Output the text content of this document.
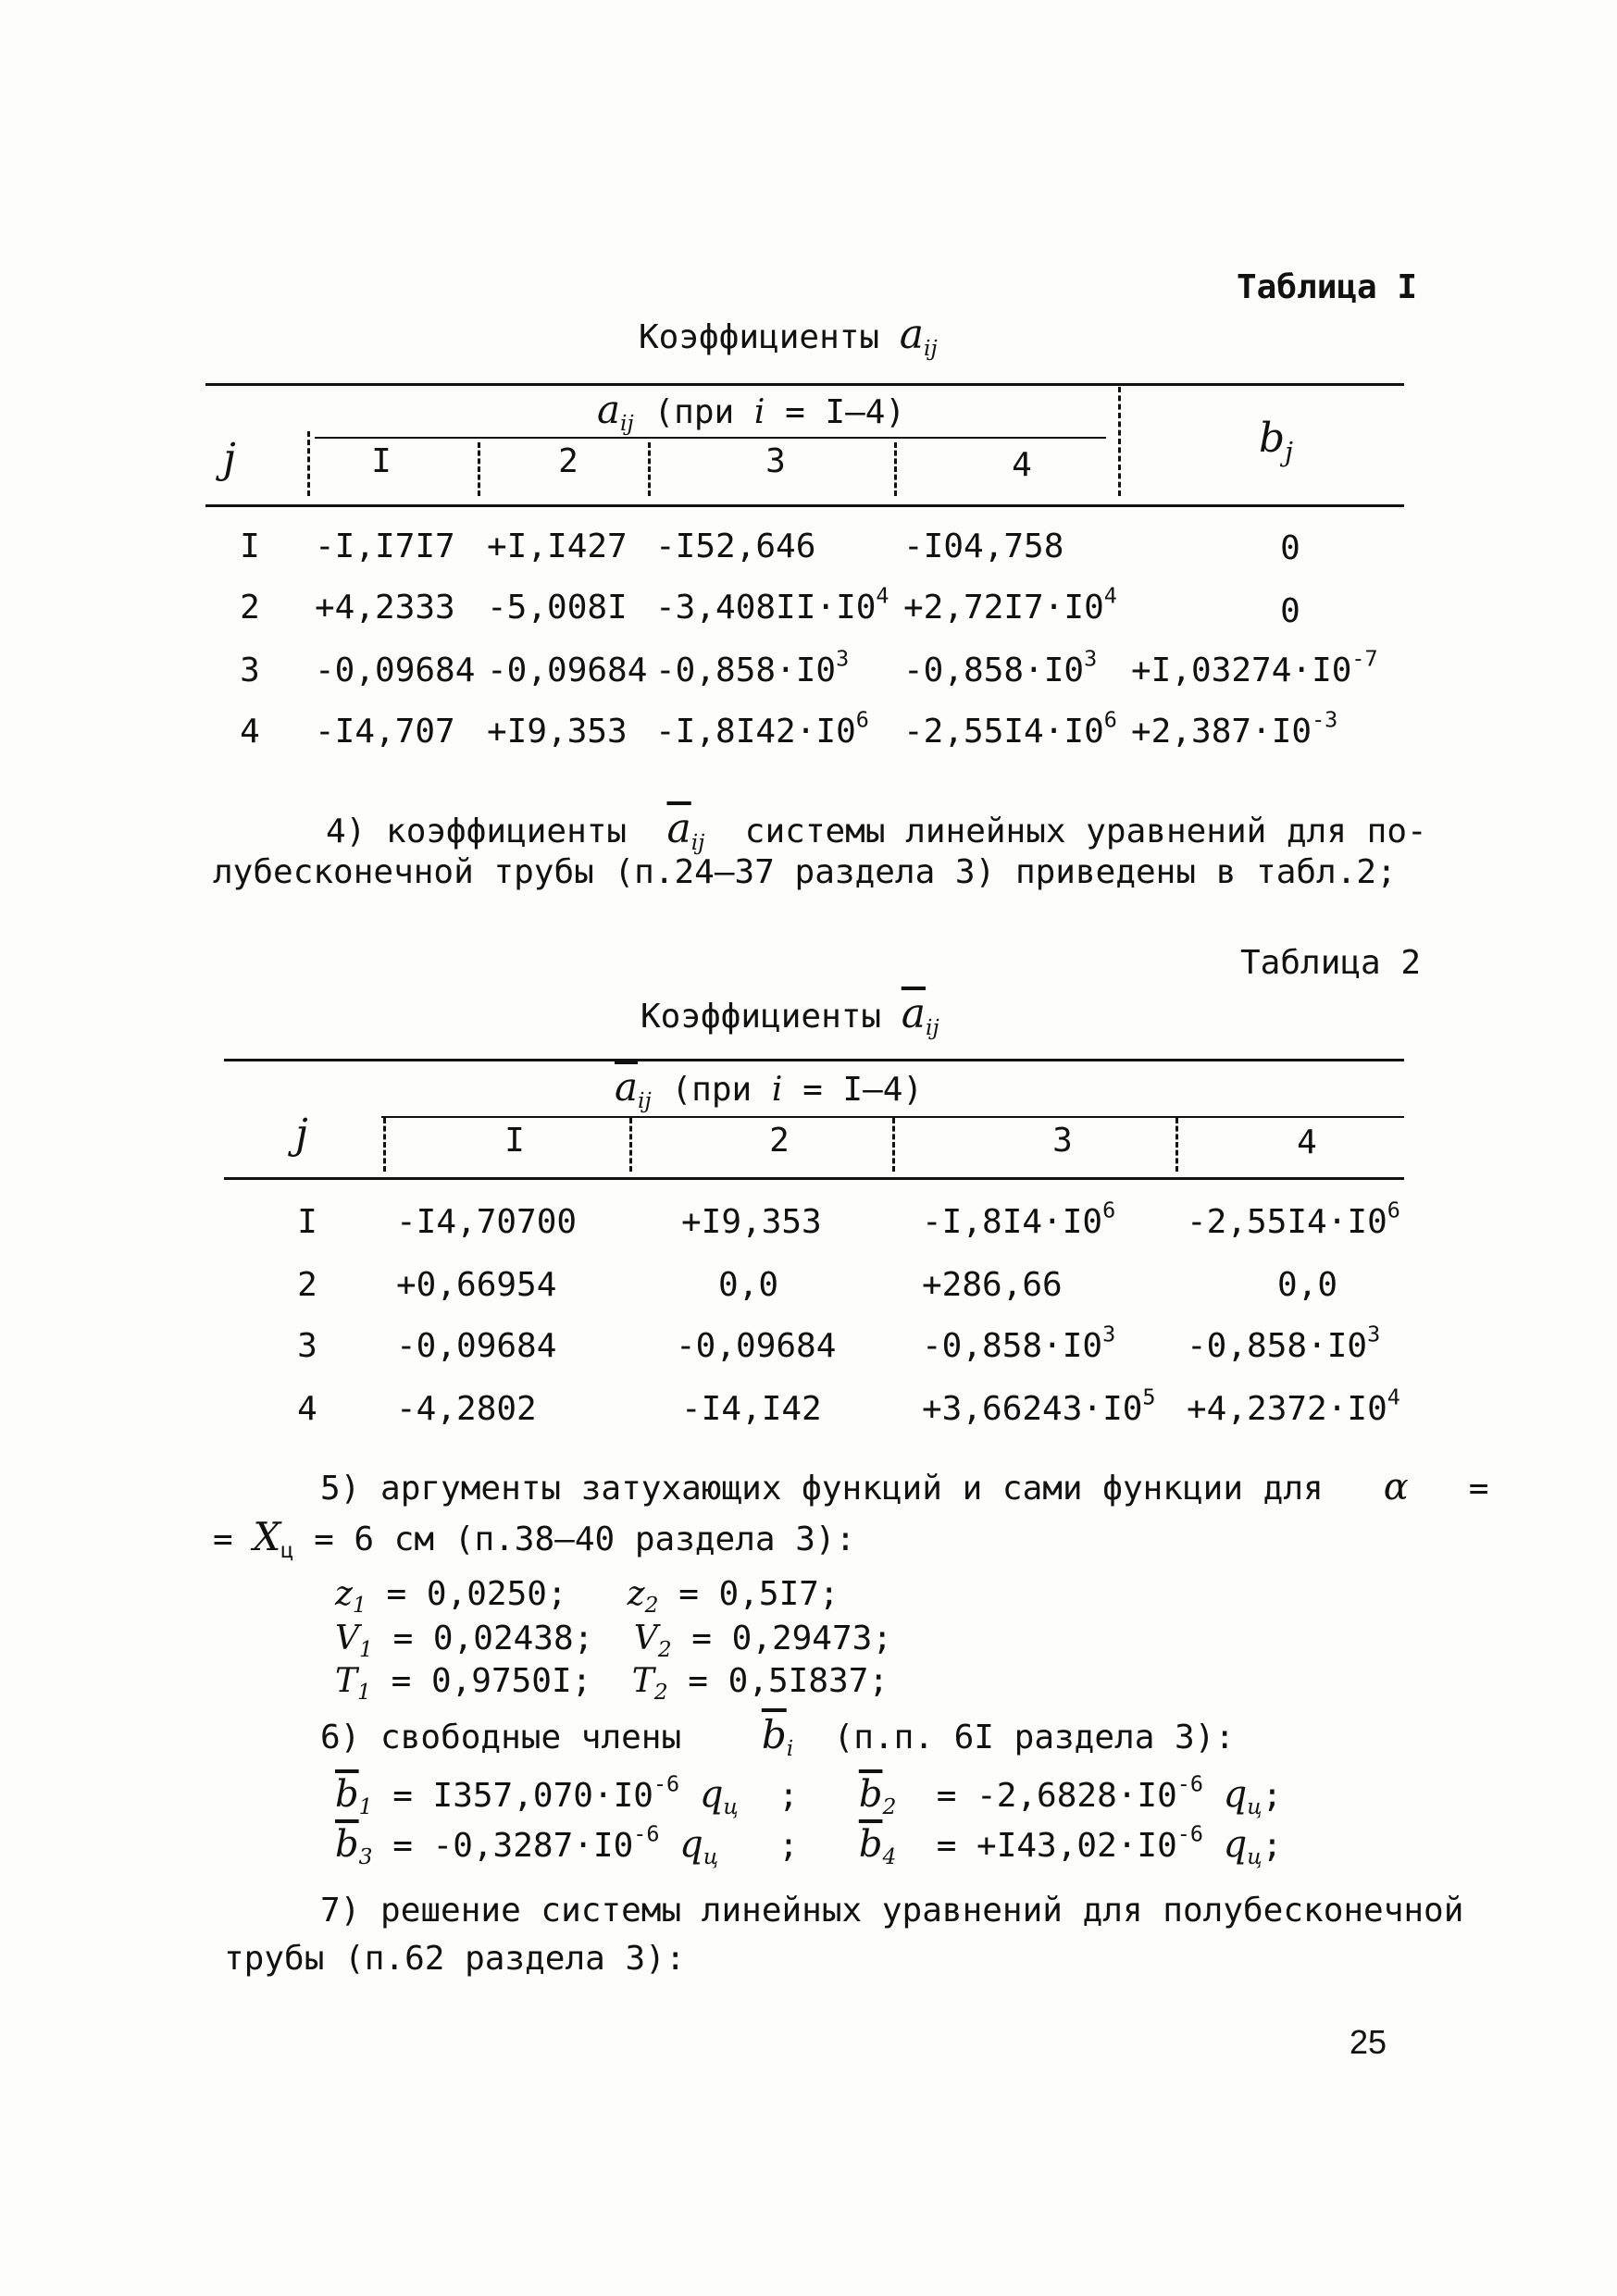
Таблица I
Коэффициенты $a_{ij}$
$a_{ij}$ (при i = I–4)
j	I	2	3	4
$b_j$
I -I,I7I7 +I,I427 -I52,646	-I04,758	0
2 +4,2333 -5,008I $-3,408II\cdot I0^4 +2,72I7\cdot I0^4$	0
3 -0,09684 -0,09684 $-0,858\cdot I0^3$ $-0,858\cdot I0^3 +I,03274\cdot I0^{-7}$
4 -I4,707 +I9,353 $-I,8I42\cdot I0^6$ $-2,55I4\cdot I0^6 +2,387\cdot I0^{-3}$
4) коэффициенты $\overline{a}_{ij}$ системы линейных уравнений для по-
лубесконечной трубы (п.24–37 раздела 3) приведены в табл.2;
Таблица 2
Коэффициенты $\overline{a}_{ij}$
$\overline{a}_{ij}$ (при i = I–4)
j	I	2	3	4
I -I4,70700	+I9,353	$-I,8I4\cdot I0^6$ $-2,55I4\cdot I0^6$
2 +0,66954	0,0	+286,66	0,0
3 -0,09684	-0,09684	$-0,858\cdot I0^3$ $-0,858\cdot I0^3$
4 -4,2802	-I4,I42	$+3,66243\cdot I0^5 +4,2372\cdot I0^4$
5) аргументы затухающих функций и сами функции для α =
= $X_ц = 6$ см (п.38–40 раздела 3):
$z_1 = 0,0250$; $z_2 = 0,5I7$;
$V_1 = 0,02438$; $V_2 = 0,29473$;
$T_1 = 0,9750I$; $T_2 = 0,5I837$;
6) свободные члены $\overline{b}_i$ (п.п. 6I раздела 3):
$\overline{b}_1 = I357,070\cdot I0^{-6}$ $q_ц$ ; $\overline{b}_2 = -2,6828\cdot I0^{-6}$ $q_ц$;
$\overline{b}_3 = -0,3287\cdot I0^{-6}$ $q_ц$ ; $\overline{b}_4 = +I43,02\cdot I0^{-6}$ $q_ц$;
7) решение системы линейных уравнений для полубесконечной
трубы (п.62 раздела 3):
25
